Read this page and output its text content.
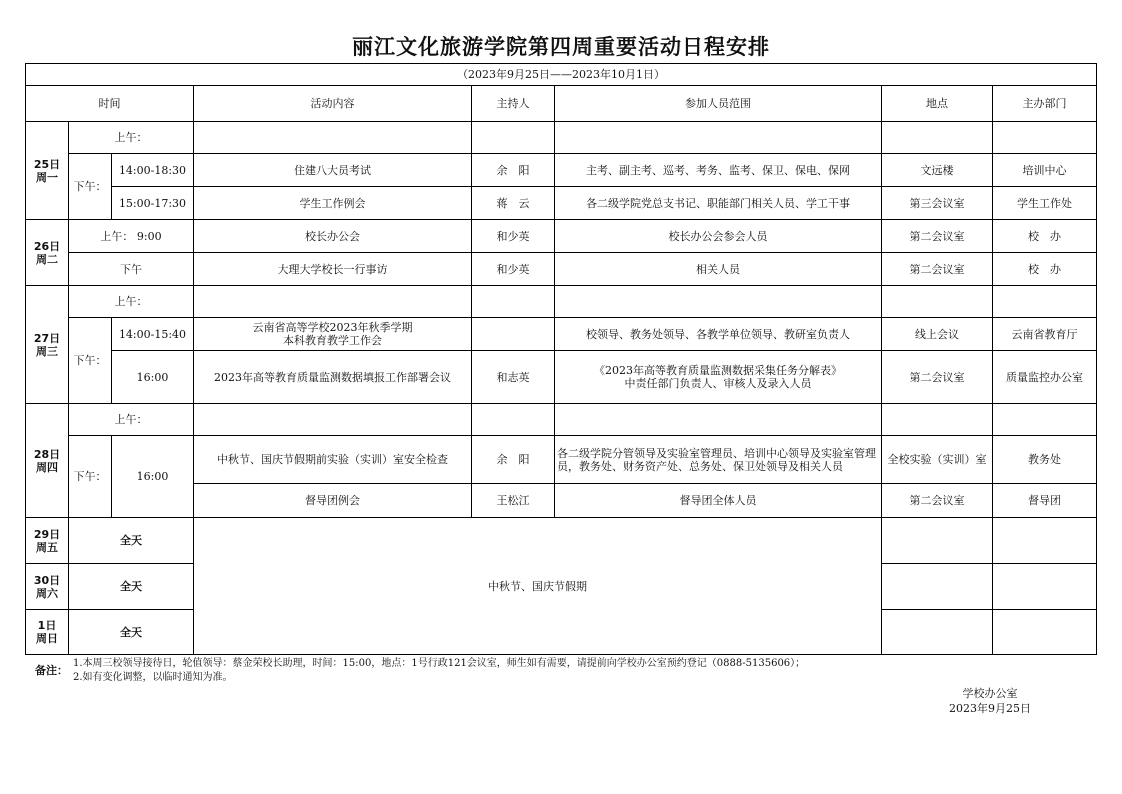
丽江文化旅游学院第四周重要活动日程安排
（2023年9月25日——2023年10月1日）							
时间			活动内容	主持人	参加人员范围	地点	主办部门

25日
周一	上午：						
	下午：	14:00-18:30	住建八大员考试	余　阳	主考、副主考、巡考、考务、监考、保卫、保电、保网	文远楼	培训中心
		15:00-17:30	学生工作例会	蒋　云	各二级学院党总支书记、职能部门相关人员、学工干事	第三会议室	学生工作处

26日
周二	上午： 9:00		校长办公会	和少英	校长办公会参会人员	第二会议室	校　办
	下午		大理大学校长一行事访	和少英	相关人员	第二会议室	校　办

27日
周三	上午：						
	下午：	14:00-15:40	云南省高等学校2023年秋季学期
本科教育教学工作会		校领导、教务处领导、各教学单位领导、教研室负责人	线上会议	云南省教育厅
		16:00	2023年高等教育质量监测数据填报工作部署会议	和志英	《2023年高等教育质量监测数据采集任务分解表》
中责任部门负责人、审核人及录入人员	第二会议室	质量监控办公室

28日
周四	上午：						
	下午：	16:00	中秋节、国庆节假期前实验（实训）室安全检查	余　阳	各二级学院分管领导及实验室管理员、培训中心领导及实验室管理员，教务处、财务资产处、总务处、保卫处领导及相关人员	全校实验（实训）室	教务处
			督导团例会	王松江	督导团全体人员	第二会议室	督导团

29日
周五	全天		中秋节、国庆节假期				

30日
周六	全天						

1日
周日	全天						
备注：
1.本周三校领导接待日，轮值领导：蔡金荣校长助理，时间：15:00，地点：1号行政121会议室，师生如有需要，请提前向学校办公室预约登记（0888-5135606）；
2.如有变化调整，以临时通知为准。
学校办公室
2023年9月25日
